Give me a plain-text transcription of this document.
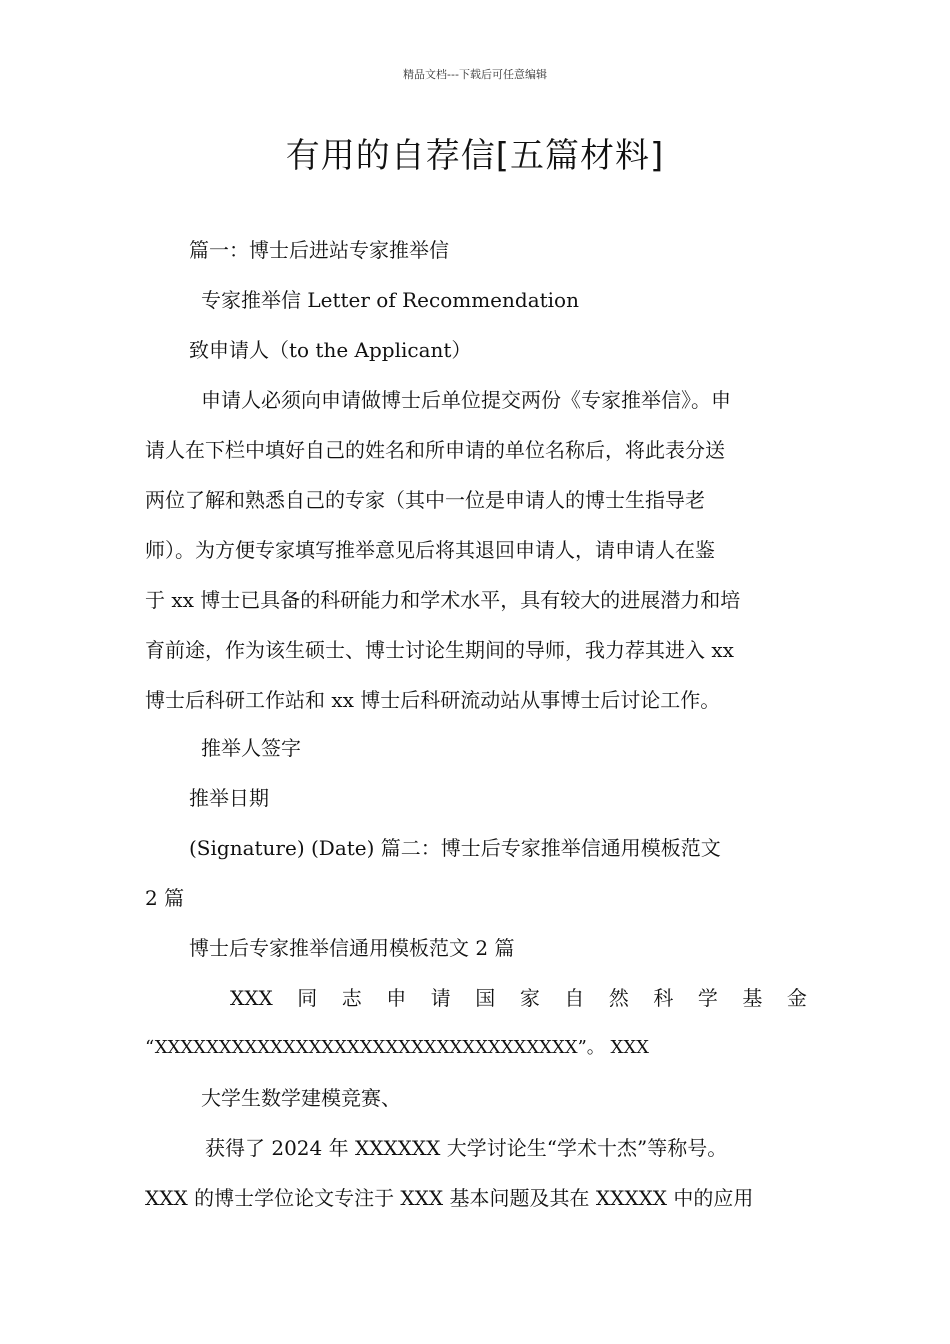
精品文档---下载后可任意编辑
有用的自荐信[五篇材料]
篇一：博士后进站专家推举信
专家推举信 Letter of Recommendation
致申请人（to the Applicant）
申请人必须向申请做博士后单位提交两份《专家推举信》。申
请人在下栏中填好自己的姓名和所申请的单位名称后，将此表分送
两位了解和熟悉自己的专家（其中一位是申请人的博士生指导老
师）。为方便专家填写推举意见后将其退回申请人，请申请人在鉴
于 xx 博士已具备的科研能力和学术水平，具有较大的进展潜力和培
育前途，作为该生硕士、博士讨论生期间的导师，我力荐其进入 xx
博士后科研工作站和 xx 博士后科研流动站从事博士后讨论工作。
推举人签字
推举日期
(Signature) (Date) 篇二：博士后专家推举信通用模板范文
2 篇
博士后专家推举信通用模板范文 2 篇
XXX 同 志 申 请 国 家 自 然 科 学 基 金
“XXXXXXXXXXXXXXXXXXXXXXXXXXXXXXXXX”。 XXX
大学生数学建模竞赛、
获得了 2024 年 XXXXXX 大学讨论生“学术十杰”等称号。
XXX 的博士学位论文专注于 XXX 基本问题及其在 XXXXX 中的应用
